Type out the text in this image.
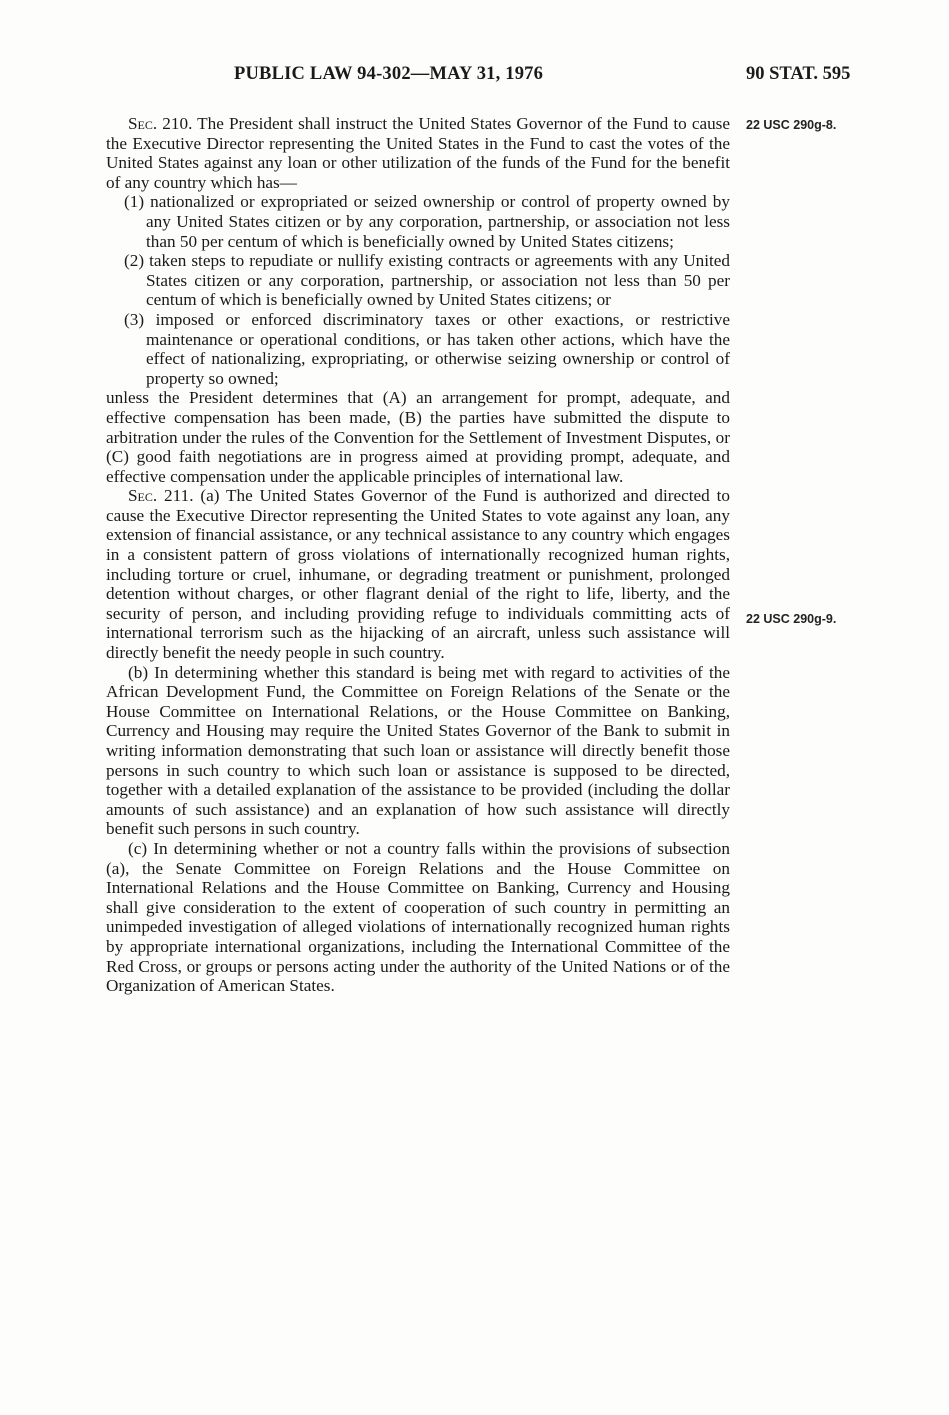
PUBLIC LAW 94-302—MAY 31, 1976	90 STAT. 595
22 USC 290g-8.
22 USC 290g-9.

Sec. 210. The President shall instruct the United States Governor of the Fund to cause the Executive Director representing the United States in the Fund to cast the votes of the United States against any loan or other utilization of the funds of the Fund for the benefit of any country which has—

(1) nationalized or expropriated or seized ownership or control of property owned by any United States citizen or by any corporation, partnership, or association not less than 50 per centum of which is beneficially owned by United States citizens;

(2) taken steps to repudiate or nullify existing contracts or agreements with any United States citizen or any corporation, partnership, or association not less than 50 per centum of which is beneficially owned by United States citizens; or

(3) imposed or enforced discriminatory taxes or other exactions, or restrictive maintenance or operational conditions, or has taken other actions, which have the effect of nationalizing, expropriating, or otherwise seizing ownership or control of property so owned;

unless the President determines that (A) an arrangement for prompt, adequate, and effective compensation has been made, (B) the parties have submitted the dispute to arbitration under the rules of the Convention for the Settlement of Investment Disputes, or (C) good faith negotiations are in progress aimed at providing prompt, adequate, and effective compensation under the applicable principles of international law.

Sec. 211. (a) The United States Governor of the Fund is authorized and directed to cause the Executive Director representing the United States to vote against any loan, any extension of financial assistance, or any technical assistance to any country which engages in a consistent pattern of gross violations of internationally recognized human rights, including torture or cruel, inhumane, or degrading treatment or punishment, prolonged detention without charges, or other flagrant denial of the right to life, liberty, and the security of person, and including providing refuge to individuals committing acts of international terrorism such as the hijacking of an aircraft, unless such assistance will directly benefit the needy people in such country.

(b) In determining whether this standard is being met with regard to activities of the African Development Fund, the Committee on Foreign Relations of the Senate or the House Committee on International Relations, or the House Committee on Banking, Currency and Housing may require the United States Governor of the Bank to submit in writing information demonstrating that such loan or assistance will directly benefit those persons in such country to which such loan or assistance is supposed to be directed, together with a detailed explanation of the assistance to be provided (including the dollar amounts of such assistance) and an explanation of how such assistance will directly benefit such persons in such country.

(c) In determining whether or not a country falls within the provisions of subsection (a), the Senate Committee on Foreign Relations and the House Committee on International Relations and the House Committee on Banking, Currency and Housing shall give consideration to the extent of cooperation of such country in permitting an unimpeded investigation of alleged violations of internationally recognized human rights by appropriate international organizations, including the International Committee of the Red Cross, or groups or persons acting under the authority of the United Nations or of the Organization of American States.
